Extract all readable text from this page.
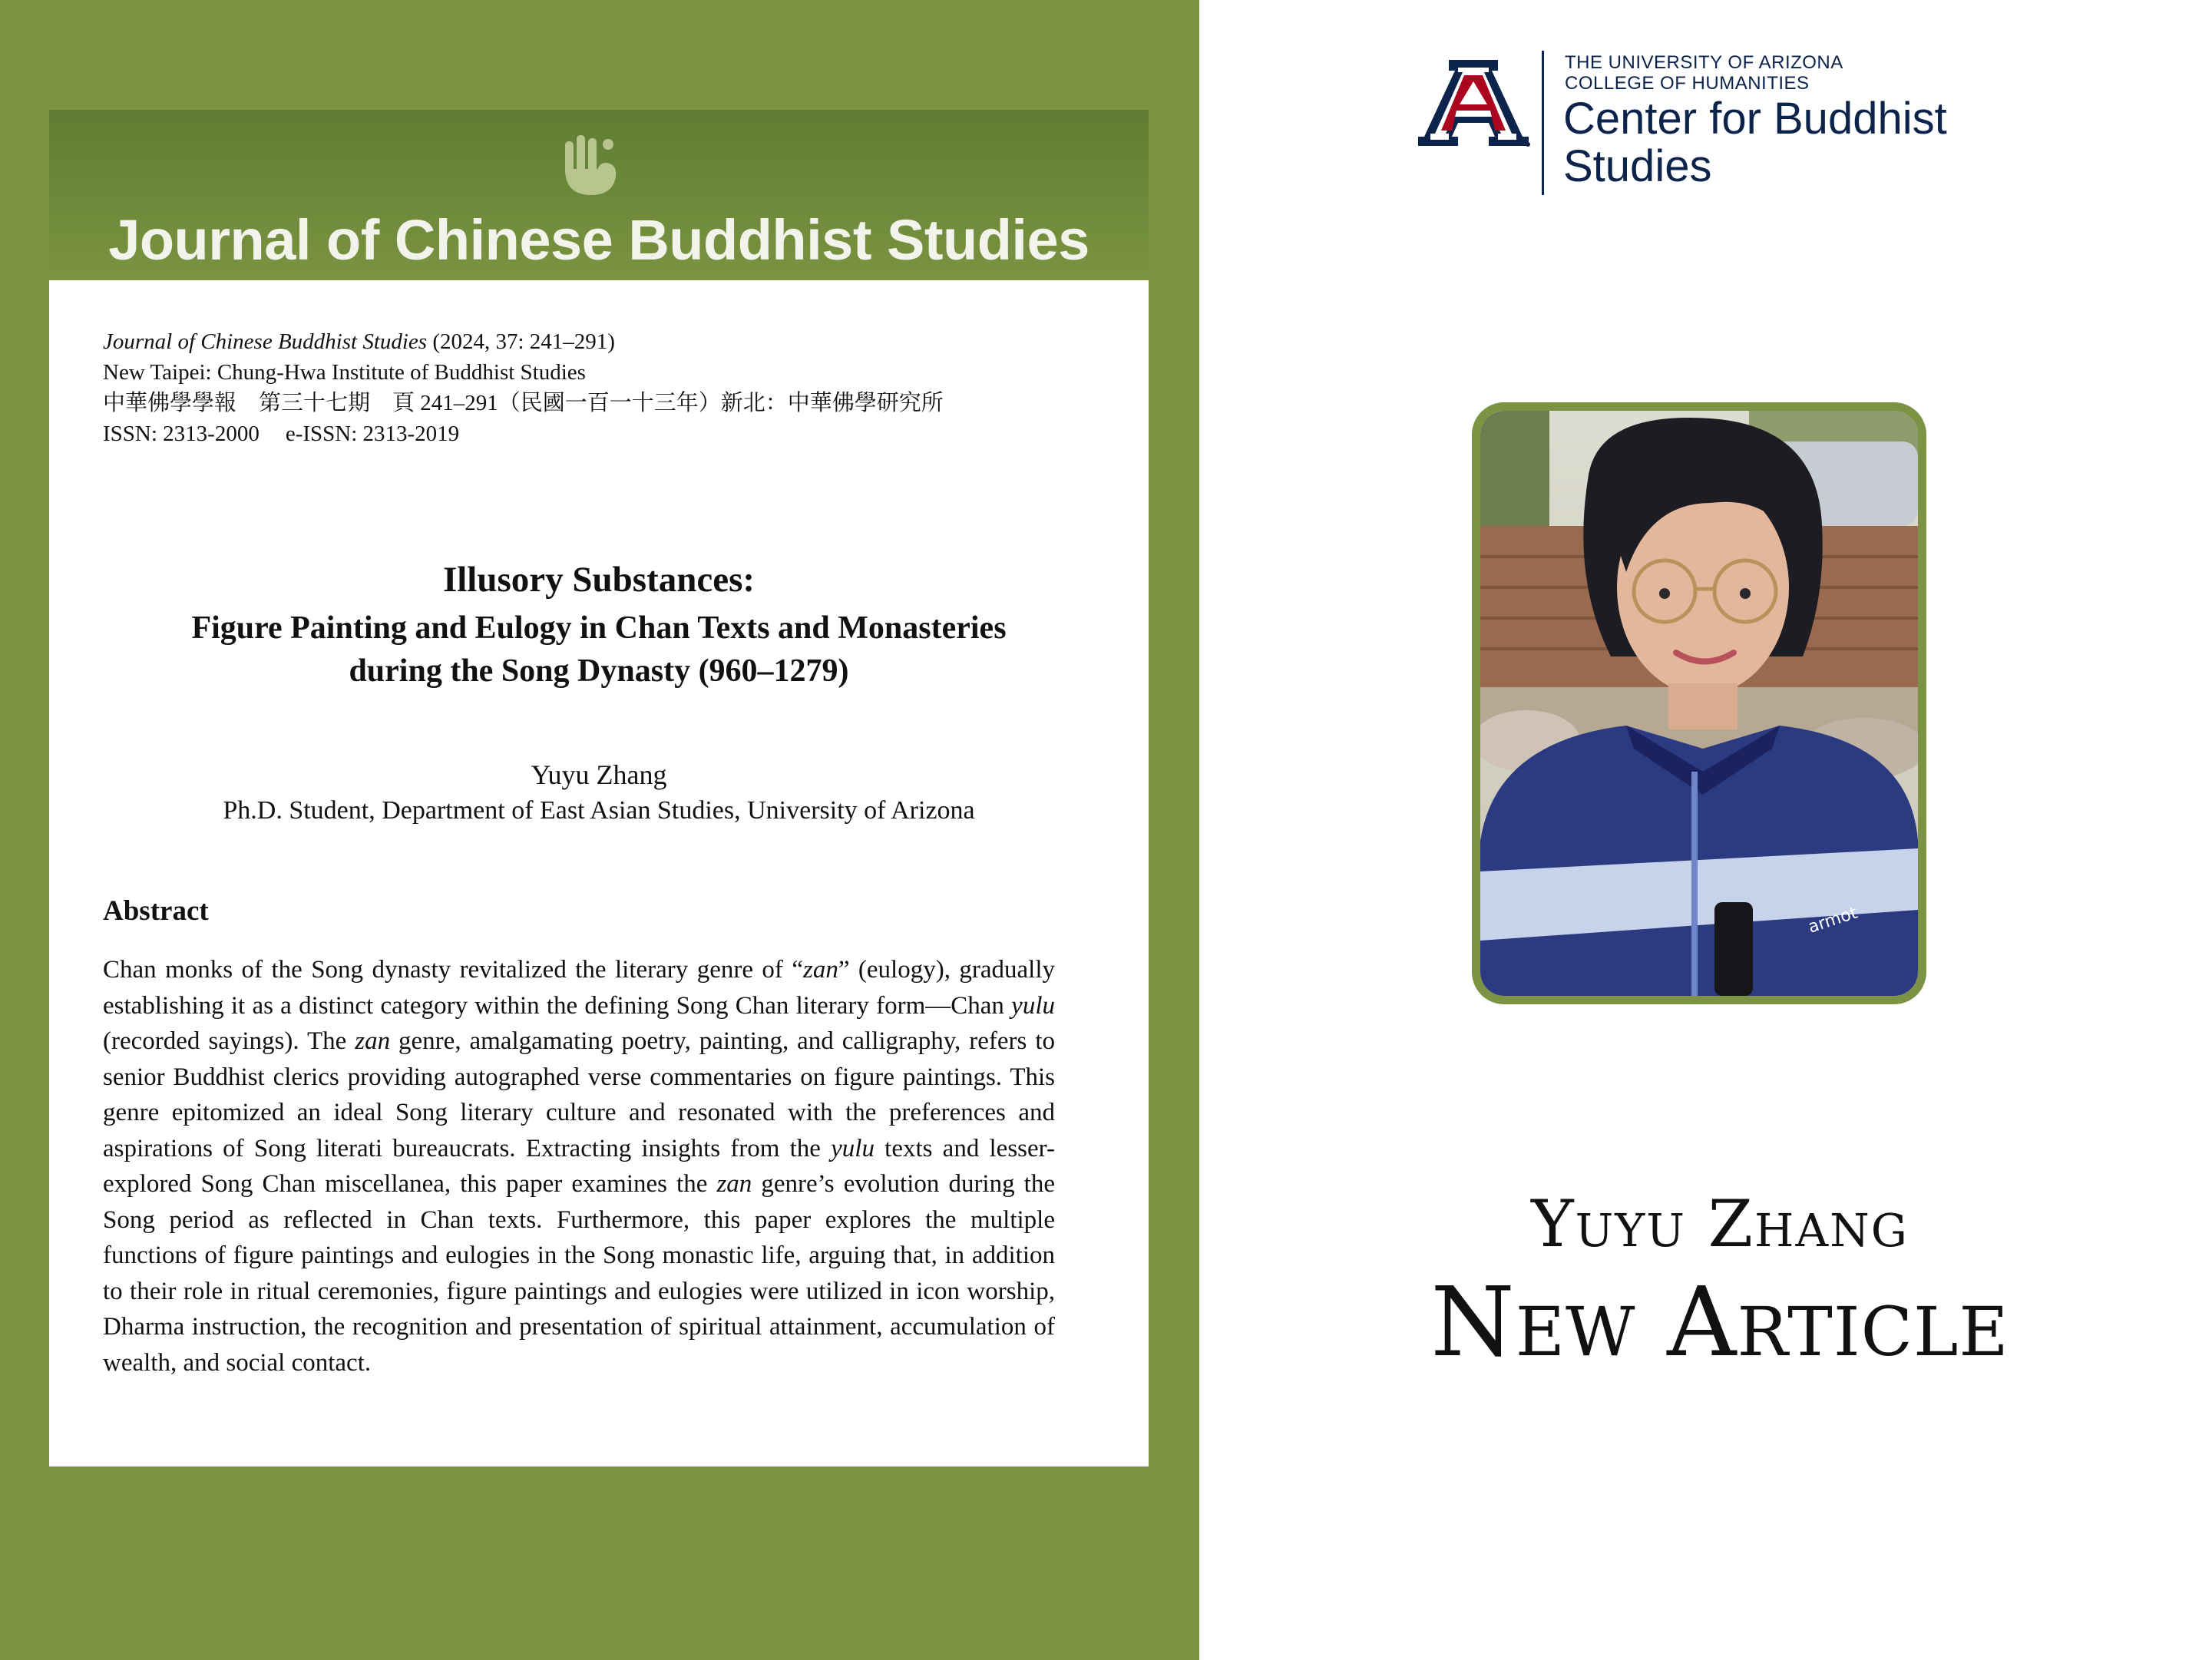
Journal of Chinese Buddhist Studies
Journal of Chinese Buddhist Studies (2024, 37: 241–291)
New Taipei: Chung-Hwa Institute of Buddhist Studies
中華佛學學報　第三十七期　頁 241–291（民國一百一十三年）新北：中華佛學研究所
ISSN: 2313-2000 e-ISSN: 2313-2019
Illusory Substances:
Figure Painting and Eulogy in Chan Texts and Monasteries during the Song Dynasty (960–1279)
Yuyu Zhang
Ph.D. Student, Department of East Asian Studies, University of Arizona
Abstract
Chan monks of the Song dynasty revitalized the literary genre of “zan” (eulogy), gradually establishing it as a distinct category within the defining Song Chan literary form—Chan yulu (recorded sayings). The zan genre, amalgamating poetry, painting, and calligraphy, refers to senior Buddhist clerics providing autographed verse commentaries on figure paintings. This genre epitomized an ideal Song literary culture and resonated with the preferences and aspirations of Song literati bureaucrats. Extracting insights from the yulu texts and lesser-explored Song Chan miscellanea, this paper examines the zan genre’s evolution during the Song period as reflected in Chan texts. Furthermore, this paper explores the multiple functions of figure paintings and eulogies in the Song monastic life, arguing that, in addition to their role in ritual ceremonies, figure paintings and eulogies were utilized in icon worship, Dharma instruction, the recognition and presentation of spiritual attainment, accumulation of wealth, and social contact.
THE UNIVERSITY OF ARIZONA
COLLEGE OF HUMANITIES
Center for Buddhist
Studies
armot
Yuyu Zhang
New Article
